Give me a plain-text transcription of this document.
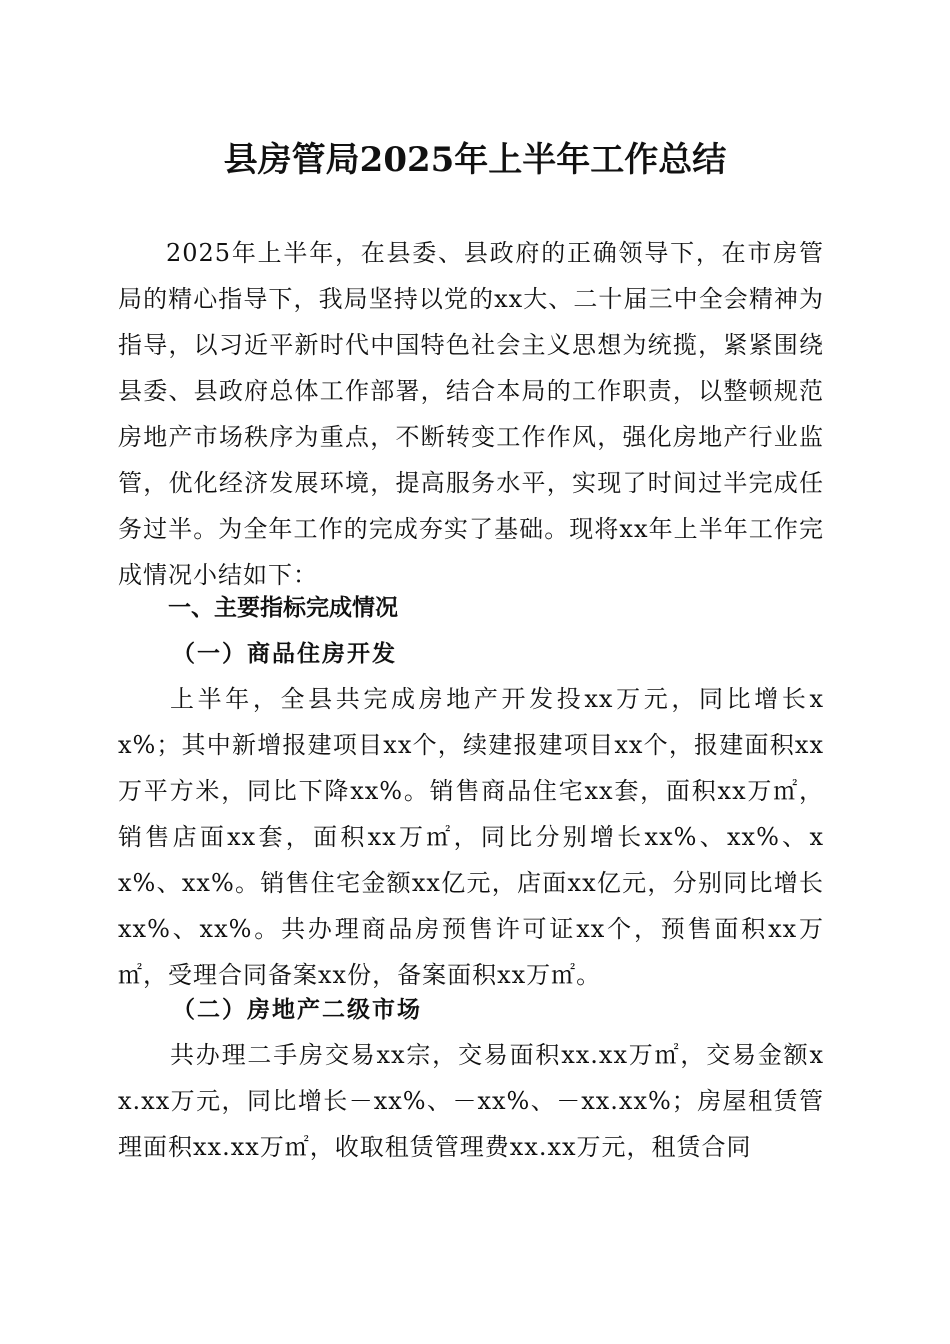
县房管局2025年上半年工作总结

2025年上半年，在县委、县政府的正确领导下，在市房管局的精心指导下，我局坚持以党的xx大、二十届三中全会精神为指导，以习近平新时代中国特色社会主义思想为统揽，紧紧围绕县委、县政府总体工作部署，结合本局的工作职责，以整顿规范房地产市场秩序为重点，不断转变工作作风，强化房地产行业监管，优化经济发展环境，提高服务水平，实现了时间过半完成任务过半。为全年工作的完成夯实了基础。现将xx年上半年工作完成情况小结如下：

一、主要指标完成情况
（一）商品住房开发

上半年，全县共完成房地产开发投xx万元，同比增长xx%；其中新增报建项目xx个，续建报建项目xx个，报建面积xx万平方米，同比下降xx%。销售商品住宅xx套，面积xx万㎡，销售店面xx套，面积xx万㎡，同比分别增长xx%、xx%、xx%、xx%。销售住宅金额xx亿元，店面xx亿元，分别同比增长xx%、xx%。共办理商品房预售许可证xx个，预售面积xx万㎡，受理合同备案xx份，备案面积xx万㎡。

（二）房地产二级市场

共办理二手房交易xx宗，交易面积xx.xx万㎡，交易金额xx.xx万元，同比增长－xx%、－xx%、－xx.xx%；房屋租赁管理面积xx.xx万㎡，收取租赁管理费xx.xx万元，租赁合同
